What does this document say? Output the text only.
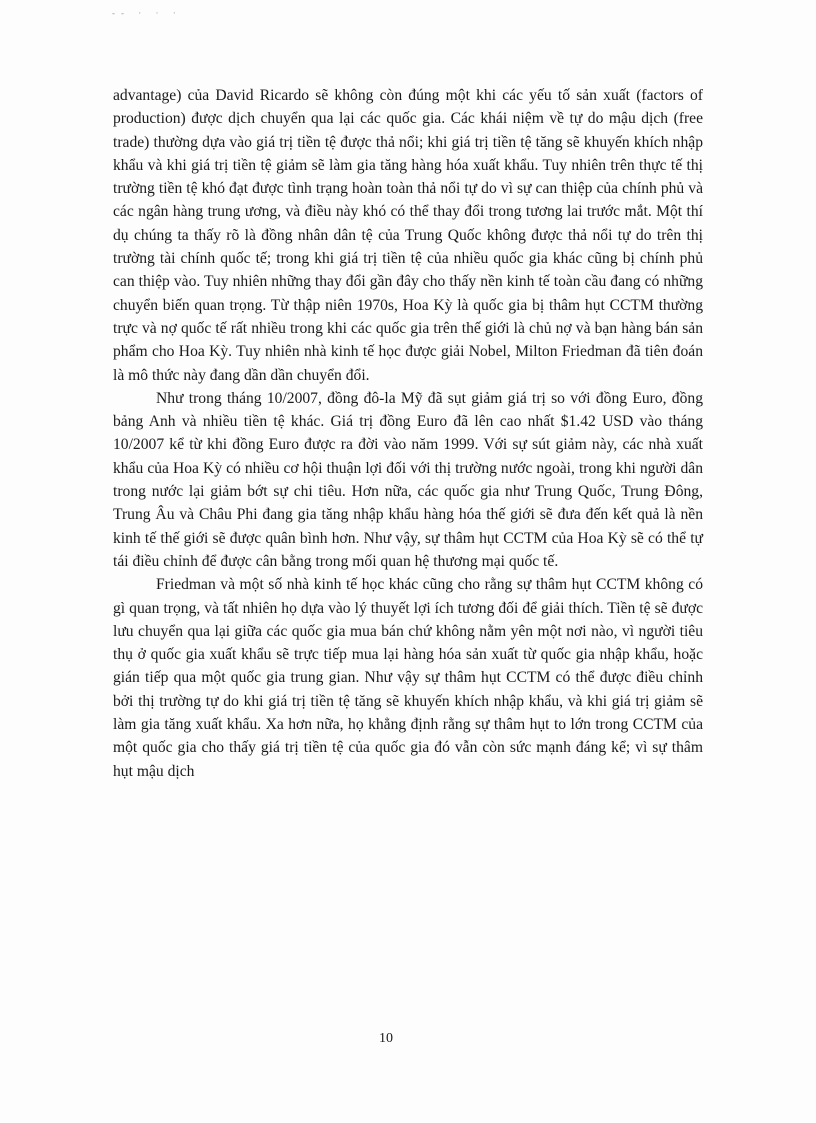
-- · · ·

advantage) của David Ricardo sẽ không còn đúng một khi các yếu tố sản xuất (factors of production) được dịch chuyển qua lại các quốc gia. Các khái niệm về tự do mậu dịch (free trade) thường dựa vào giá trị tiền tệ được thả nổi; khi giá trị tiền tệ tăng sẽ khuyến khích nhập khẩu và khi giá trị tiền tệ giảm sẽ làm gia tăng hàng hóa xuất khẩu. Tuy nhiên trên thực tế thị trường tiền tệ khó đạt được tình trạng hoàn toàn thả nổi tự do vì sự can thiệp của chính phủ và các ngân hàng trung ương, và điều này khó có thể thay đổi trong tương lai trước mắt. Một thí dụ chúng ta thấy rõ là đồng nhân dân tệ của Trung Quốc không được thả nổi tự do trên thị trường tài chính quốc tế; trong khi giá trị tiền tệ của nhiều quốc gia khác cũng bị chính phủ can thiệp vào. Tuy nhiên những thay đổi gần đây cho thấy nền kinh tế toàn cầu đang có những chuyển biến quan trọng. Từ thập niên 1970s, Hoa Kỳ là quốc gia bị thâm hụt CCTM thường trực và nợ quốc tế rất nhiều trong khi các quốc gia trên thế giới là chủ nợ và bạn hàng bán sản phẩm cho Hoa Kỳ. Tuy nhiên nhà kinh tế học được giải Nobel, Milton Friedman đã tiên đoán là mô thức này đang dần dần chuyển đổi.

Như trong tháng 10/2007, đồng đô-la Mỹ đã sụt giảm giá trị so với đồng Euro, đồng bảng Anh và nhiều tiền tệ khác. Giá trị đồng Euro đã lên cao nhất $1.42 USD vào tháng 10/2007 kể từ khi đồng Euro được ra đời vào năm 1999. Với sự sút giảm này, các nhà xuất khẩu của Hoa Kỳ có nhiều cơ hội thuận lợi đối với thị trường nước ngoài, trong khi người dân trong nước lại giảm bớt sự chi tiêu. Hơn nữa, các quốc gia như Trung Quốc, Trung Đông, Trung Âu và Châu Phi đang gia tăng nhập khẩu hàng hóa thế giới sẽ đưa đến kết quả là nền kinh tế thế giới sẽ được quân bình hơn. Như vậy, sự thâm hụt CCTM của Hoa Kỳ sẽ có thể tự tái điều chỉnh để được cân bằng trong mối quan hệ thương mại quốc tế.

Friedman và một số nhà kinh tế học khác cũng cho rằng sự thâm hụt CCTM không có gì quan trọng, và tất nhiên họ dựa vào lý thuyết lợi ích tương đối để giải thích. Tiền tệ sẽ được lưu chuyển qua lại giữa các quốc gia mua bán chứ không nằm yên một nơi nào, vì người tiêu thụ ở quốc gia xuất khẩu sẽ trực tiếp mua lại hàng hóa sản xuất từ quốc gia nhập khẩu, hoặc gián tiếp qua một quốc gia trung gian. Như vậy sự thâm hụt CCTM có thể được điều chỉnh bởi thị trường tự do khi giá trị tiền tệ tăng sẽ khuyến khích nhập khẩu, và khi giá trị giảm sẽ làm gia tăng xuất khẩu. Xa hơn nữa, họ khẳng định rằng sự thâm hụt to lớn trong CCTM của một quốc gia cho thấy giá trị tiền tệ của quốc gia đó vẫn còn sức mạnh đáng kể; vì sự thâm hụt mậu dịch

10
